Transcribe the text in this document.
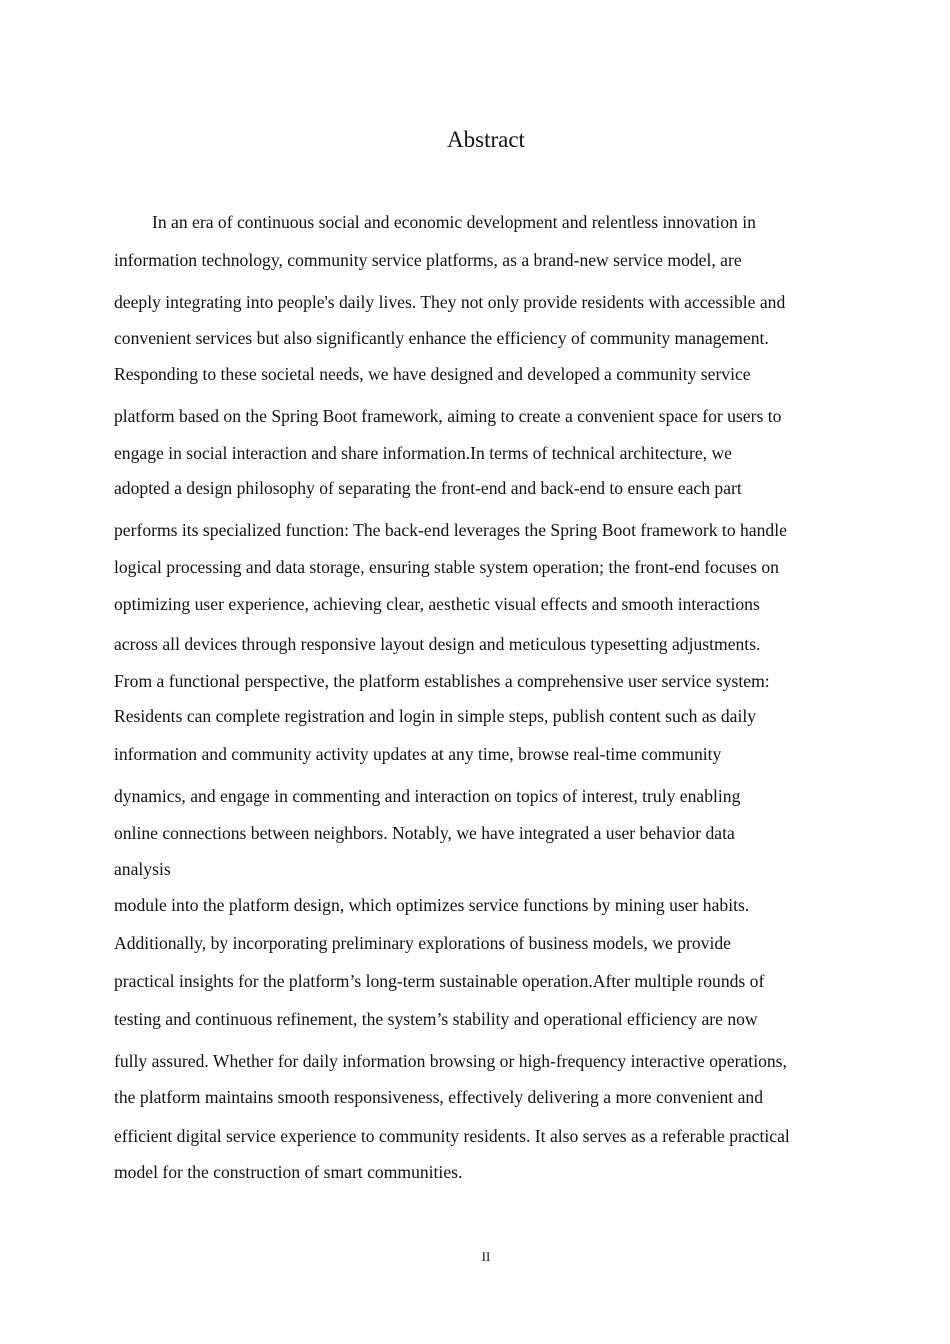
Abstract
In an era of continuous social and economic development and relentless innovation in
information technology, community service platforms, as a brand-new service model, are
deeply integrating into people's daily lives. They not only provide residents with accessible and
convenient services but also significantly enhance the efficiency of community management.
Responding to these societal needs, we have designed and developed a community service
platform based on the Spring Boot framework, aiming to create a convenient space for users to
engage in social interaction and share information.In terms of technical architecture, we
adopted a design philosophy of separating the front-end and back-end to ensure each part
performs its specialized function: The back-end leverages the Spring Boot framework to handle
logical processing and data storage, ensuring stable system operation; the front-end focuses on
optimizing user experience, achieving clear, aesthetic visual effects and smooth interactions
across all devices through responsive layout design and meticulous typesetting adjustments.
From a functional perspective, the platform establishes a comprehensive user service system:
Residents can complete registration and login in simple steps, publish content such as daily
information and community activity updates at any time, browse real-time community
dynamics, and engage in commenting and interaction on topics of interest, truly enabling
online connections between neighbors. Notably, we have integrated a user behavior data
analysis
module into the platform design, which optimizes service functions by mining user habits.
Additionally, by incorporating preliminary explorations of business models, we provide
practical insights for the platform’s long-term sustainable operation.After multiple rounds of
testing and continuous refinement, the system’s stability and operational efficiency are now
fully assured. Whether for daily information browsing or high-frequency interactive operations,
the platform maintains smooth responsiveness, effectively delivering a more convenient and
efficient digital service experience to community residents. It also serves as a referable practical
model for the construction of smart communities.
II
